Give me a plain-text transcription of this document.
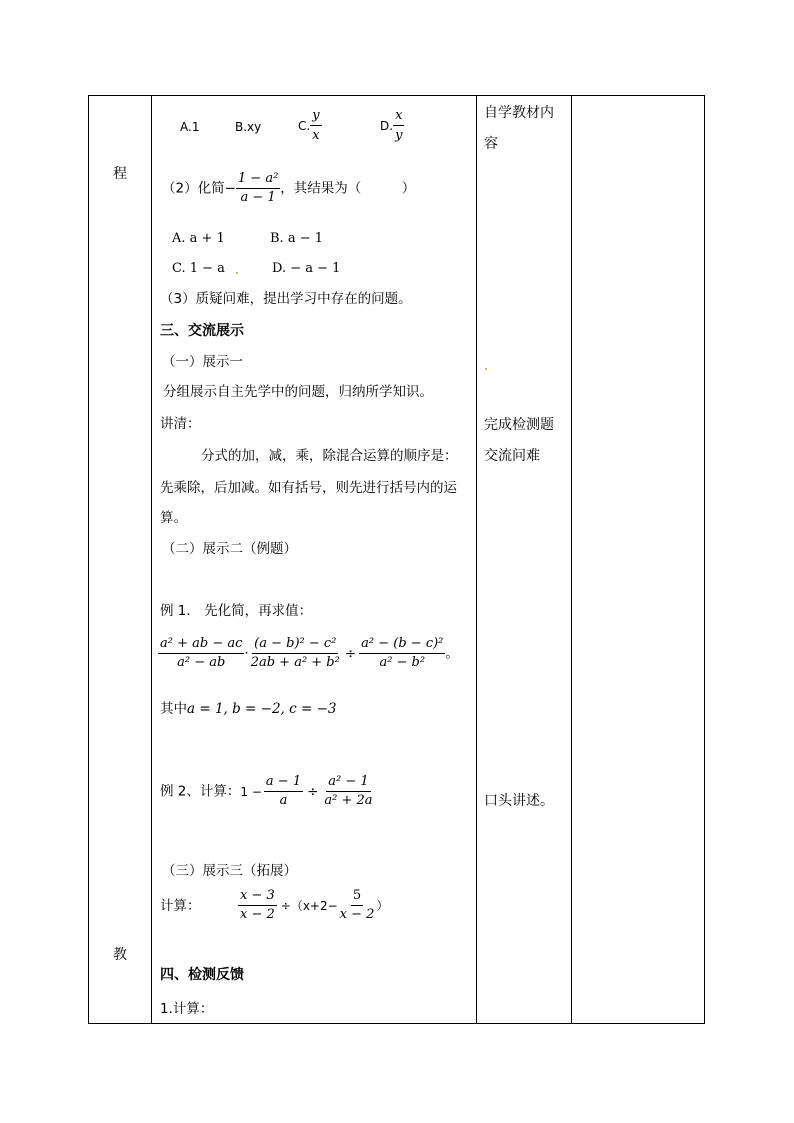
程
教
自学教材内
容
完成检测题
交流问难
口头讲述。
A.1	B.xy	C. $\frac{y}{x}$	D. $\frac{x}{y}$
（2）化简− $\frac{\text{1 − a²}}{a - 1}$ ，其结果为（　　　）
A. a + 1	B. a − 1
C. 1 − a	D. − a − 1
（3）质疑问难，提出学习中存在的问题。
三、交流展示
（一）展示一
分组展示自主先学中的问题，归纳所学知识。
讲清：
分式的加，减，乘，除混合运算的顺序是：
先乘除，后加减。如有括号，则先进行括号内的运
算。
（二）展示二（例题）
例 1． 先化简，再求值：
$\frac{\text{a² + ab − ac}}{\text{a² − ab}} \cdot \frac{\text{(a − b)² − c²}}{\text{2ab + a² + b²}} \div \frac{\text{a² − (b − c)²}}{\text{a² − b²}}$ 。
其中a = 1, b = −2, c = −3
例 2、计算：$1 - \frac{a - 1}{a} \div \frac{\text{a² − 1}}{\text{a² + 2a}}$
（三）展示三（拓展）
计算：	$\frac{x - 3}{x - 2} \div(x+2- \frac{5}{x - 2}$ ）
四、检测反馈
1.计算：
